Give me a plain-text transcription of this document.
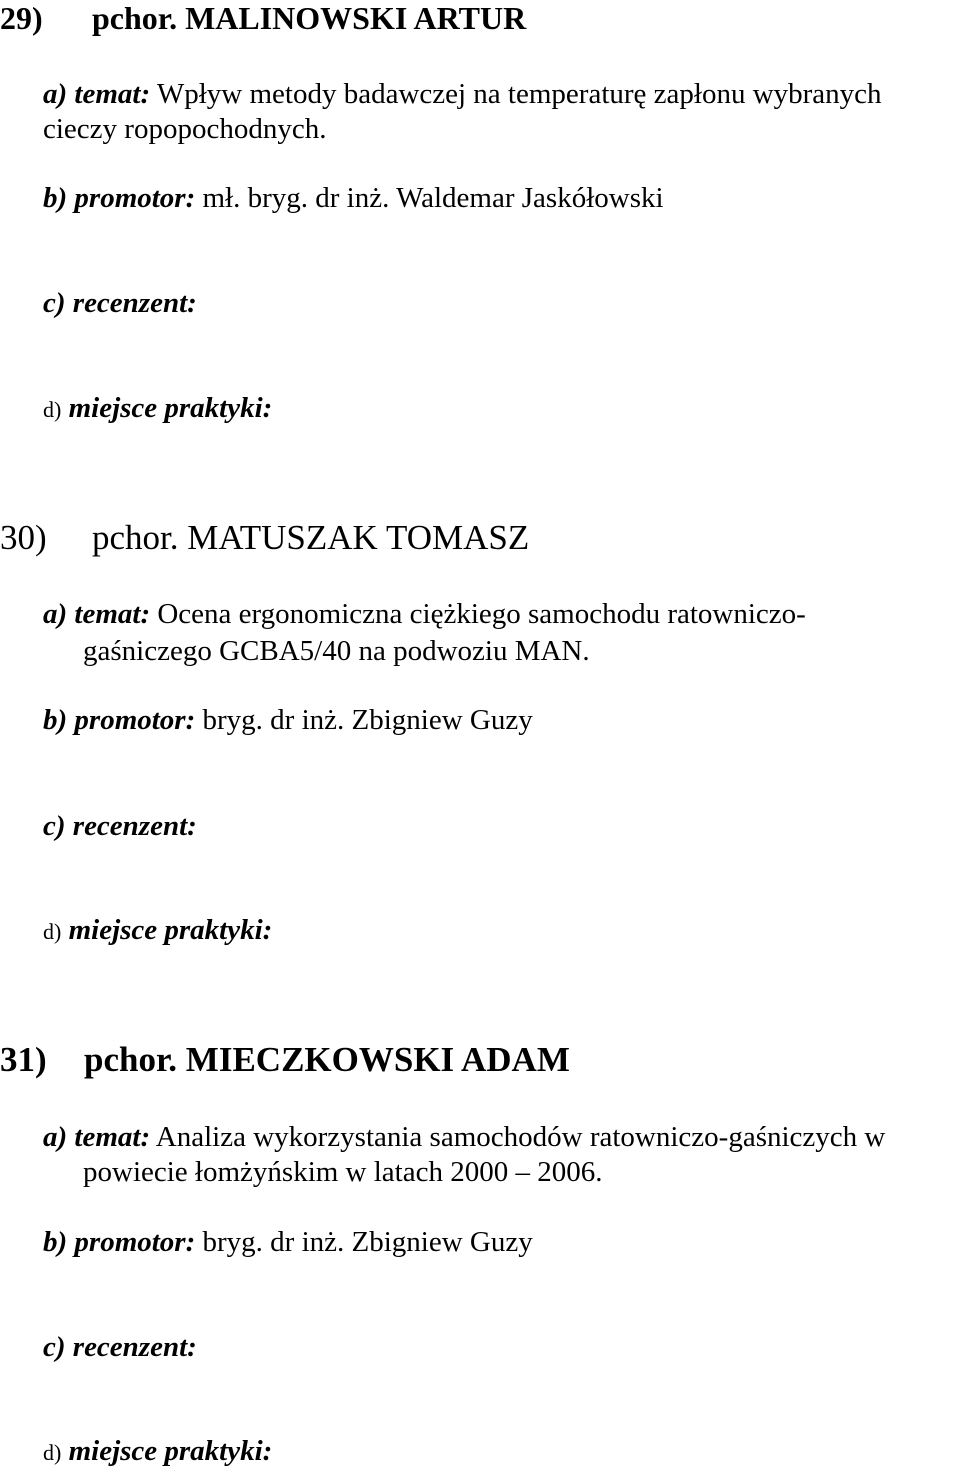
29) pchor. MALINOWSKI ARTUR
a) temat: Wpływ metody badawczej na temperaturę zapłonu wybranych
cieczy ropopochodnych.
b) promotor: mł. bryg. dr inż. Waldemar Jaskółowski
c) recenzent:
d) miejsce praktyki:
30) pchor. MATUSZAK TOMASZ
a) temat: Ocena ergonomiczna ciężkiego samochodu ratowniczo-
gaśniczego GCBA5/40 na podwoziu MAN.
b) promotor: bryg. dr inż. Zbigniew Guzy
c) recenzent:
d) miejsce praktyki:
31) pchor. MIECZKOWSKI ADAM
a) temat: Analiza wykorzystania samochodów ratowniczo-gaśniczych w
powiecie łomżyńskim w latach 2000 – 2006.
b) promotor: bryg. dr inż. Zbigniew Guzy
c) recenzent:
d) miejsce praktyki:
